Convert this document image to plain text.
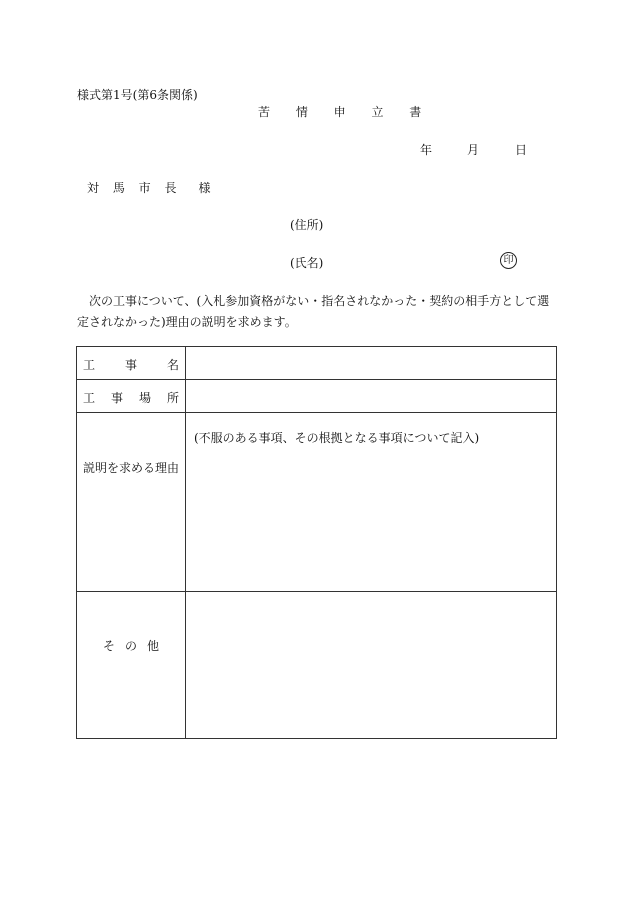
様式第1号(第6条関係)
苦 情 申 立 書
年	月	日
対 馬 市 長　様
(住所)
(氏名)	印
次の工事について、(入札参加資格がない・指名されなかった・契約の相手方として選定されなかった)理由の説明を求めます。
工 事 名	

工 事 場 所	

説明を求める理由	(不服のある事項、その根拠となる事項について記入)

そ の 他	
